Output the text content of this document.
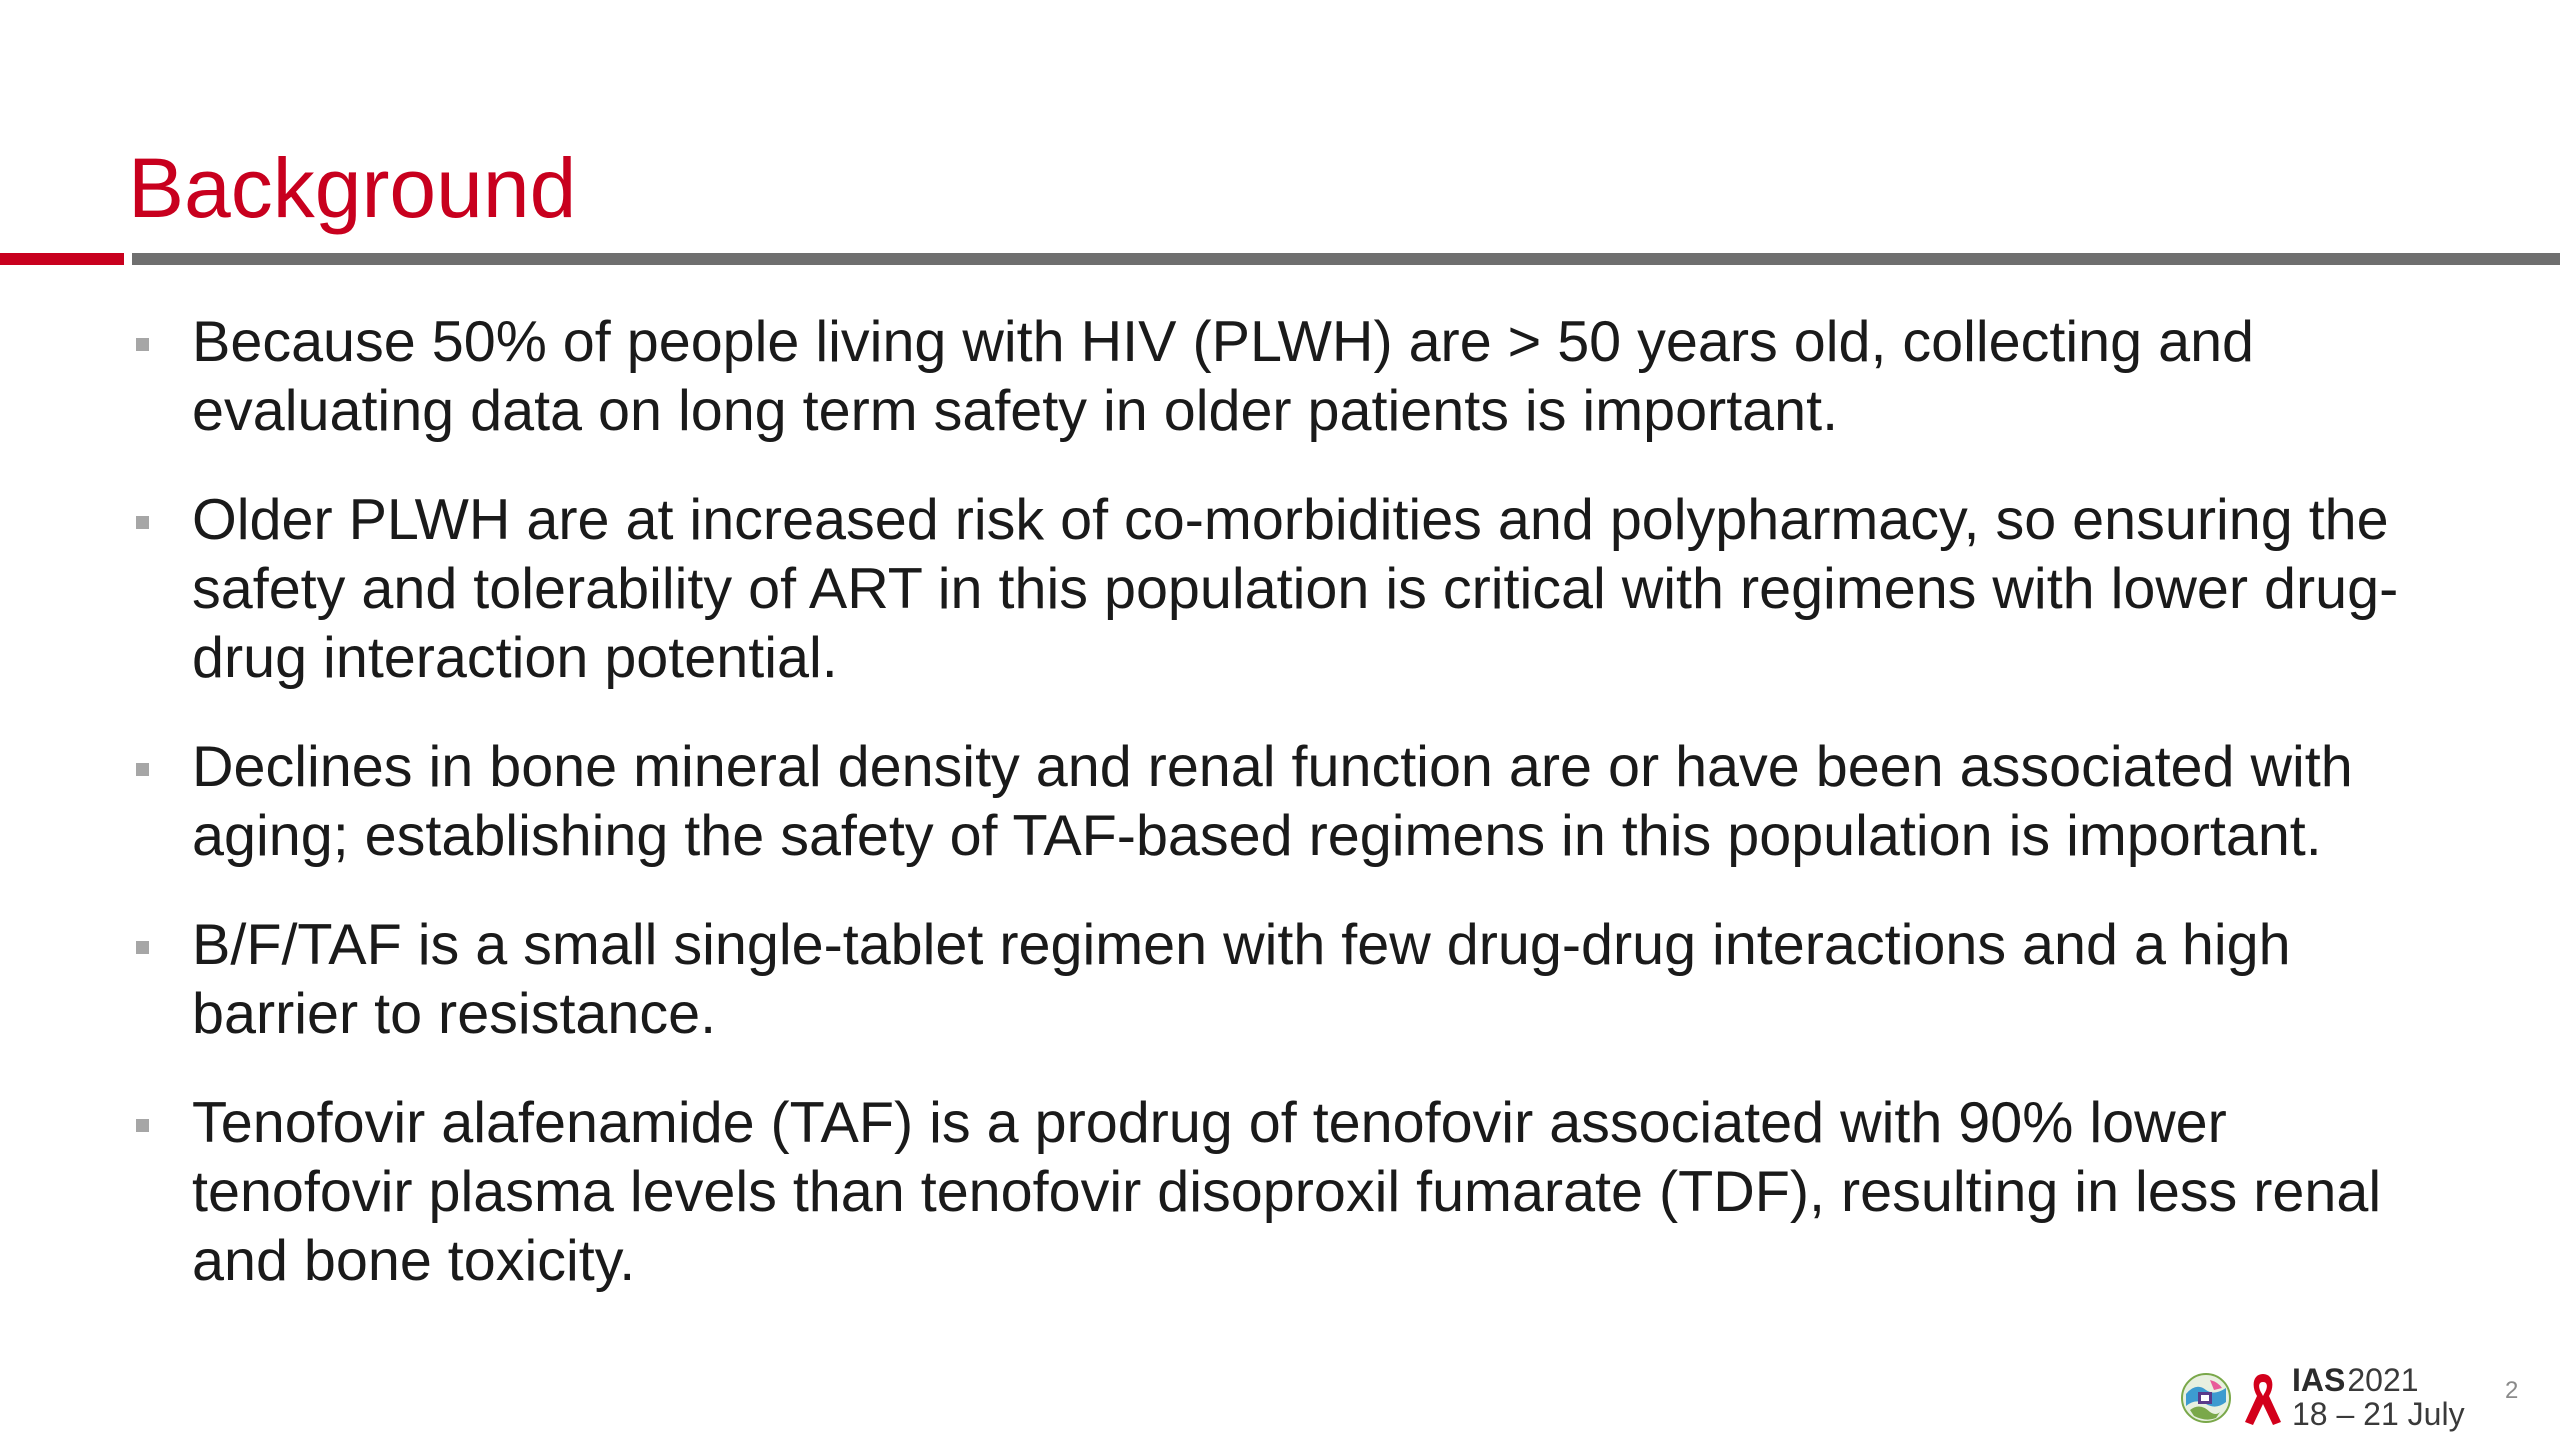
Background
Because 50% of people living with HIV (PLWH) are > 50 years old, collecting and evaluating data on long term safety in older patients is important.
Older PLWH are at increased risk of co-morbidities and polypharmacy, so ensuring the safety and tolerability of ART in this population is critical with regimens with lower drug-drug interaction potential.
Declines in bone mineral density and renal function are or have been associated with aging; establishing the safety of TAF-based regimens in this population is important.
B/F/TAF is a small single-tablet regimen with few drug-drug interactions and a high barrier to resistance.
Tenofovir alafenamide (TAF) is a prodrug of tenofovir associated with 90% lower tenofovir plasma levels than tenofovir disoproxil fumarate (TDF), resulting in less renal and bone toxicity.
IAS2021
18 – 21 July
2
